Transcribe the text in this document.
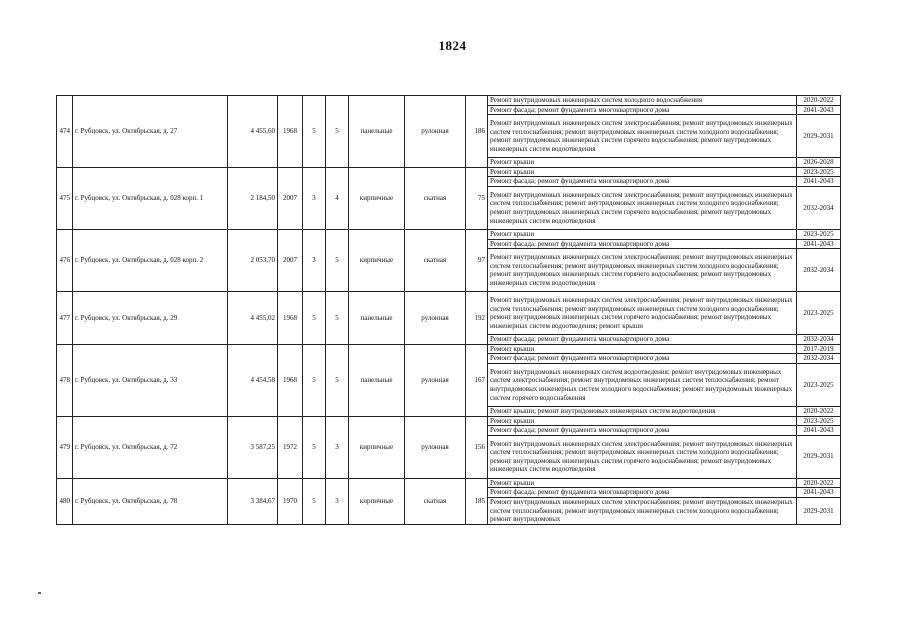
1824
474	г. Рубцовск, ул. Октябрьская, д. 27	4 455,60	1968	5	5	панельные	рулонная	186	Ремонт внутридомовых инженерных систем холодного водоснабжения	2020-2022
									Ремонт фасада; ремонт фундамента многоквартирного дома	2041-2043
									Ремонт внутридомовых инженерных систем электроснабжения; ремонт внутридомовых инженерных систем теплоснабжения; ремонт внутридомовых инженерных систем холодного водоснабжения; ремонт внутридомовых инженерных систем горячего водоснабжения; ремонт внутридомовых инженерных систем водоотведения	2029-2031
									Ремонт крыши	2026-2028
475	г. Рубцовск, ул. Октябрьская, д. 028 корп. 1	2 184,50	2007	3	4	кирпичные	скатная	75	Ремонт крыши	2023-2025
									Ремонт фасада; ремонт фундамента многоквартирного дома	2041-2043
									Ремонт внутридомовых инженерных систем электроснабжения; ремонт внутридомовых инженерных систем теплоснабжения; ремонт внутридомовых инженерных систем холодного водоснабжения; ремонт внутридомовых инженерных систем горячего водоснабжения; ремонт внутридомовых инженерных систем водоотведения	2032-2034
476	г. Рубцовск, ул. Октябрьская, д. 028 корп. 2	2 053,70	2007	3	5	кирпичные	скатная	97	Ремонт крыши	2023-2025
									Ремонт фасада; ремонт фундамента многоквартирного дома	2041-2043
									Ремонт внутридомовых инженерных систем электроснабжения; ремонт внутридомовых инженерных систем теплоснабжения; ремонт внутридомовых инженерных систем холодного водоснабжения; ремонт внутридомовых инженерных систем горячего водоснабжения; ремонт внутридомовых инженерных систем водоотведения	2032-2034
477	г. Рубцовск, ул. Октябрьская, д. 29	4 455,02	1968	5	5	панельные	рулонная	192	Ремонт внутридомовых инженерных систем электроснабжения; ремонт внутридомовых инженерных систем теплоснабжения; ремонт внутридомовых инженерных систем холодного водоснабжения; ремонт внутридомовых инженерных систем горячего водоснабжения; ремонт внутридомовых инженерных систем водоотведения; ремонт крыши	2023-2025
									Ремонт фасада; ремонт фундамента многоквартирного дома	2032-2034
478	г. Рубцовск, ул. Октябрьская, д. 33	4 454,58	1968	5	5	панельные	рулонная	167	Ремонт крыши	2017-2019
									Ремонт фасада; ремонт фундамента многоквартирного дома	2032-2034
									Ремонт внутридомовых инженерных систем водоотведения; ремонт внутридомовых инженерных систем электроснабжения; ремонт внутридомовых инженерных систем теплоснабжения; ремонт внутридомовых инженерных систем холодного водоснабжения; ремонт внутридомовых инженерных систем горячего водоснабжения	2023-2025
									Ремонт крыши; ремонт внутридомовых инженерных систем водоотведения	2020-2022
479	г. Рубцовск, ул. Октябрьская, д. 72	3 587,25	1972	5	3	кирпичные	рулонная	156	Ремонт крыши	2023-2025
									Ремонт фасада; ремонт фундамента многоквартирного дома	2041-2043
									Ремонт внутридомовых инженерных систем электроснабжения; ремонт внутридомовых инженерных систем теплоснабжения; ремонт внутридомовых инженерных систем холодного водоснабжения; ремонт внутридомовых инженерных систем горячего водоснабжения; ремонт внутридомовых инженерных систем водоотведения	2029-2031
480	г. Рубцовск, ул. Октябрьская, д. 78	3 384,67	1970	5	3	кирпичные	скатная	185	Ремонт крыши	2020-2022
									Ремонт фасада; ремонт фундамента многоквартирного дома	2041-2043
									Ремонт внутридомовых инженерных систем электроснабжения; ремонт внутридомовых инженерных систем теплоснабжения; ремонт внутридомовых инженерных систем холодного водоснабжения; ремонт внутридомовых	2029-2031
